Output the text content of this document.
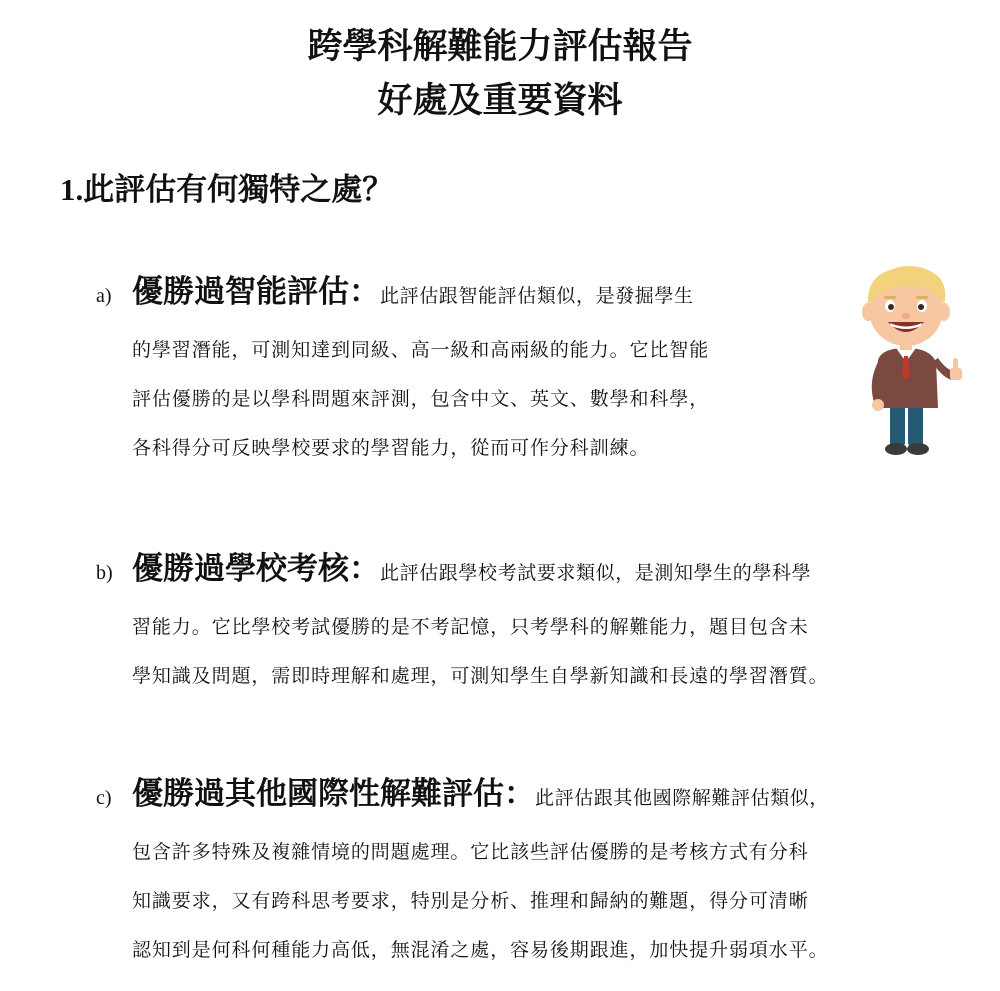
跨學科解難能力評估報告
好處及重要資料
1.此評估有何獨特之處？
a) 優勝過智能評估：此評估跟智能評估類似，是發掘學生
的學習潛能，可測知達到同級、高一級和高兩級的能力。它比智能
評估優勝的是以學科問題來評測，包含中文、英文、數學和科學，
各科得分可反映學校要求的學習能力，從而可作分科訓練。
b) 優勝過學校考核：此評估跟學校考試要求類似，是測知學生的學科學
習能力。它比學校考試優勝的是不考記憶，只考學科的解難能力，題目包含未
學知識及問題，需即時理解和處理，可測知學生自學新知識和長遠的學習潛質。
c) 優勝過其他國際性解難評估：此評估跟其他國際解難評估類似，
包含許多特殊及複雜情境的問題處理。它比該些評估優勝的是考核方式有分科
知識要求，又有跨科思考要求，特別是分析、推理和歸納的難題，得分可清晰
認知到是何科何種能力高低，無混淆之處，容易後期跟進，加快提升弱項水平。
